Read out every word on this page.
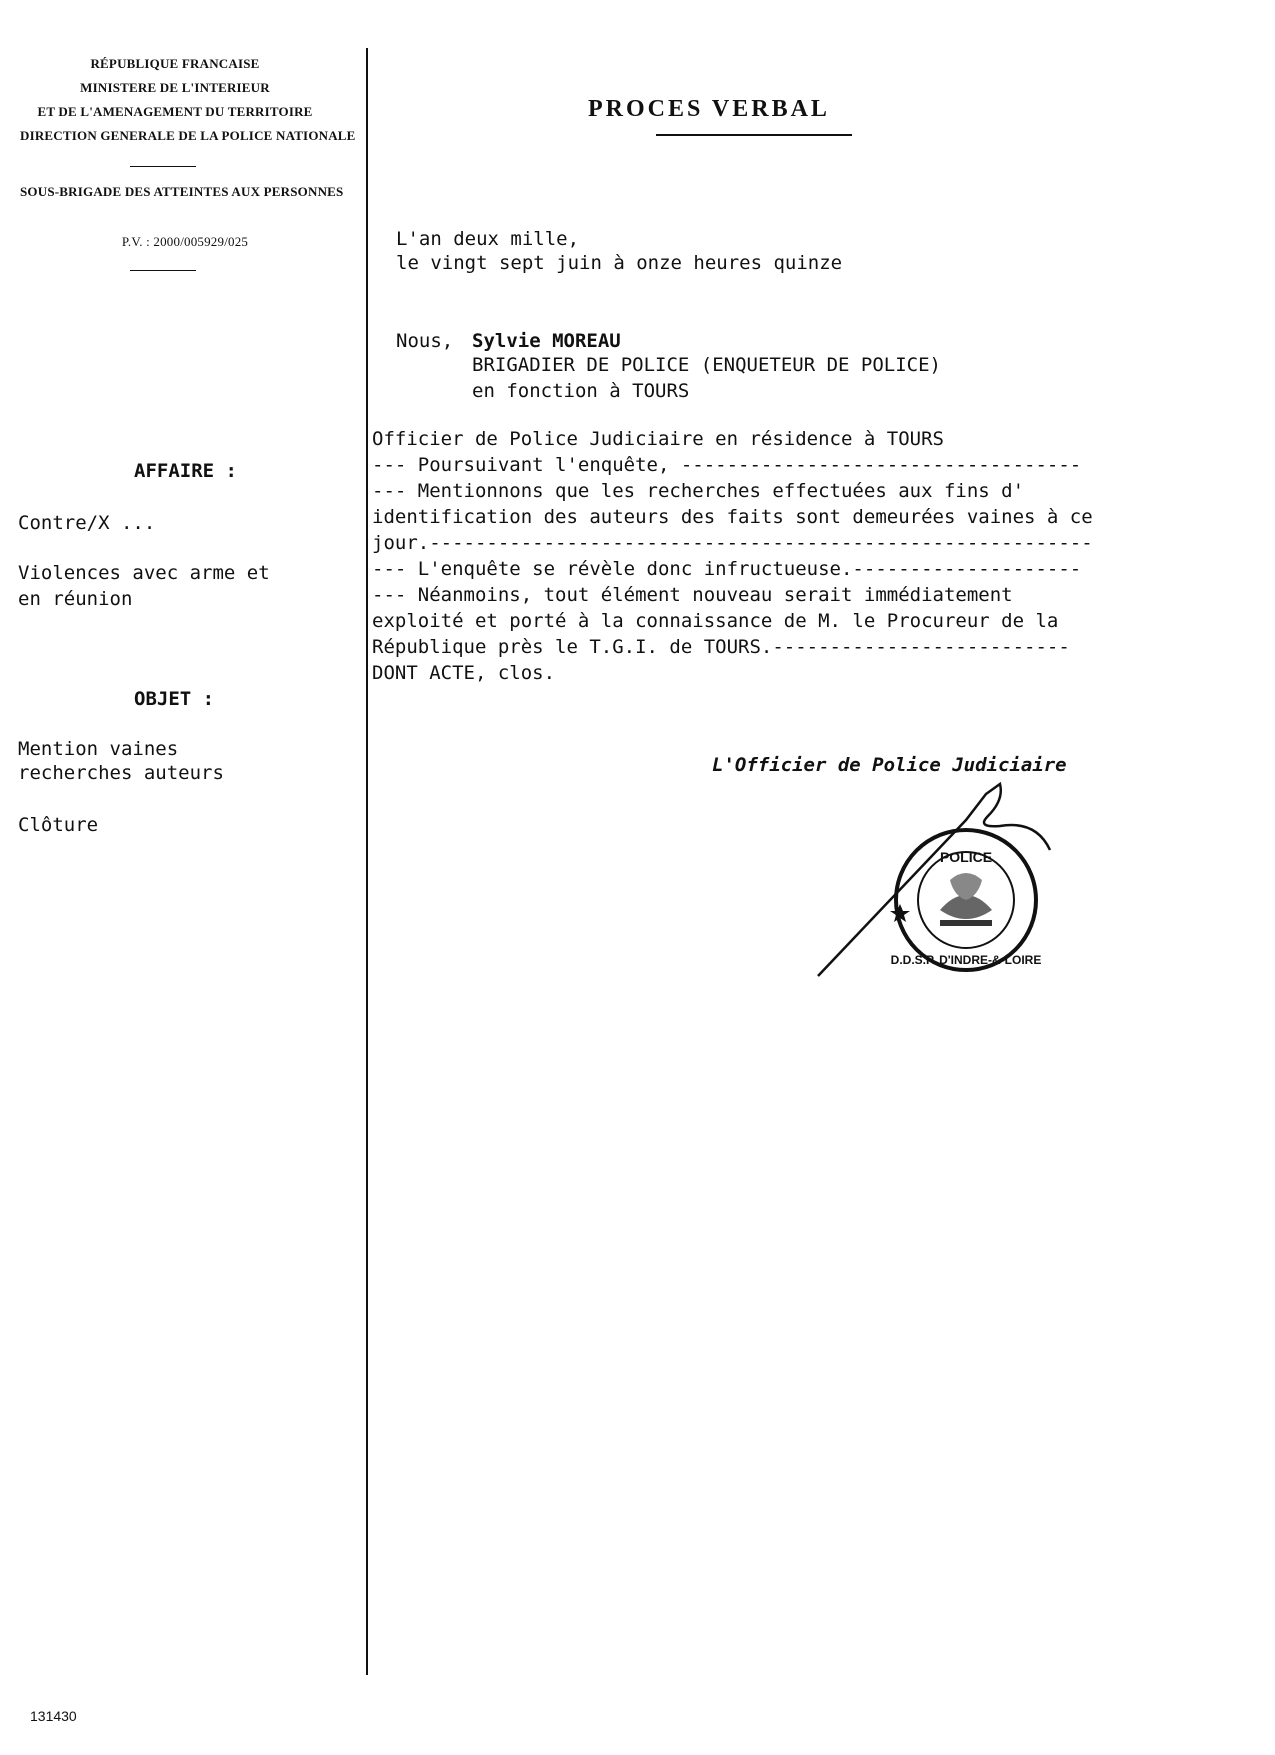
RÉPUBLIQUE FRANCAISE
MINISTERE DE L'INTERIEUR
ET DE L'AMENAGEMENT DU TERRITOIRE
DIRECTION GENERALE DE LA POLICE NATIONALE
SOUS-BRIGADE DES ATTEINTES AUX PERSONNES
P.V. : 2000/005929/025
AFFAIRE :
Contre/X ...
Violences avec arme et
en réunion
OBJET :
Mention vaines
recherches auteurs
Clôture
PROCES VERBAL
L'an deux mille,
le vingt sept juin à onze heures quinze
Nous, Sylvie MOREAU
BRIGADIER DE POLICE (ENQUETEUR DE POLICE)
en fonction à TOURS
Officier de Police Judiciaire en résidence à TOURS
--- Poursuivant l'enquête, -----------------------------------
--- Mentionnons que les recherches effectuées aux fins d'
identification des auteurs des faits sont demeurées vaines à ce
jour.----------------------------------------------------------
--- L'enquête se révèle donc infructueuse.--------------------
--- Néanmoins, tout élément nouveau serait immédiatement
exploité et porté à la connaissance de M. le Procureur de la
République près le T.G.I. de TOURS.--------------------------
DONT ACTE, clos.
L'Officier de Police Judiciaire
POLICE
D.D.S.P. D'INDRE-&-LOIRE
131430
